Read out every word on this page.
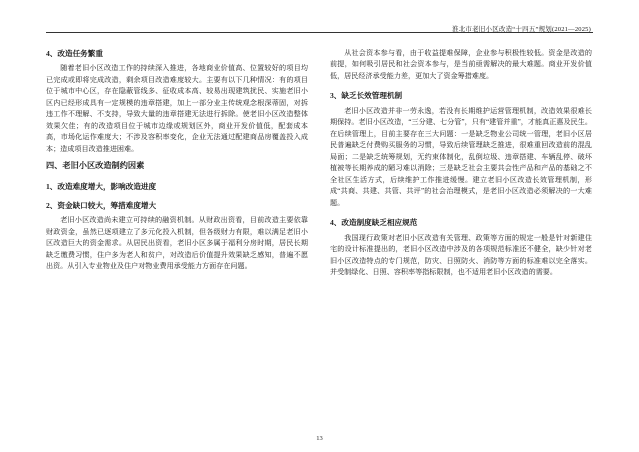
淮北市老旧小区改造“十四五”规划(2021—2025)
4、改造任务繁重

随着老旧小区改造工作的持续深入推进，各地商业价值高、位置较好的项目均已完成或即将完成改造，剩余项目改造难度较大。主要有以下几种情况：有的项目位于城市中心区，存在隐蔽管线多、征收成本高、较易出现建筑扰民、实施老旧小区内已经形成具有一定规模的违章搭建，加上一部分业主传统观念根深蒂固，对拆违工作不理解、不支持，导致大量的违章搭建无法进行拆除。使老旧小区改造整体效果欠佳；有的改造项目位于城市边缘或规划区外，商业开发价值低，配套成本高，市场化运作难度大；不涉及容积率变化，企业无法通过配建商品房覆盖投入成本；造成项目改造推进困难。

四、老旧小区改造制约因素
1、改造难度增大，影响改造进度
2、资金缺口较大，筹措难度增大

老旧小区改造尚未建立可持续的融资机制。从财政出资看，目前改造主要依靠财政资金，虽然已逐项建立了多元化投入机制，但各级财力有限，难以满足老旧小区改造巨大的资金需求。从居民出资看，老旧小区多属于福利分房时期，居民长期缺乏缴费习惯，住户多为老人和贫户，对改造后价值提升效果缺乏感知，普遍不愿出资。从引入专业物业及住户对物业费用承受能力方面存在问题。

从社会资本参与看，由于收益提难保障，企业参与积极性较低。资金是改造的前提，如何吸引居民和社会资本参与，是当前亟需解决的最大难题。商业开发价值低，居民经济承受能力差，更加大了资金筹措难度。

3、缺乏长效管理机制

老旧小区改造并非一劳永逸，若没有长期维护运营管理机制，改造效果很难长期保持。老旧小区改造，“三分建、七分管”，只有“建管并重”，才能真正惠及民生。在后续管理上，目前主要存在三大问题：一是缺乏物业公司统一管理，老旧小区居民普遍缺乏付费购买服务的习惯，导致后续管理缺乏推进，很难重回改造前的混乱局面；二是缺乏统筹规划，无约束体制化，乱倒垃圾、违章搭建、车辆乱停、破坏植被等长期养成的陋习难以消除；三是缺乏社会主要共会性产品和产品的基础之不全社区生活方式，后续维护工作推进缓慢。建立老旧小区改造长效管理机制，形成“共商、共建、共管、共评”的社会治理模式，是老旧小区改造必须解决的一大难题。

4、改造制度缺乏相应规范

我国现行政策对老旧小区改造有关管理、政策等方面的规定一般是针对新建住宅的设计标准提出的，老旧小区改造中涉及的各项规范标准还不健全，缺少针对老旧小区改造特点的专门规范，防灾、日照防火、消防等方面的标准难以完全落实。并受制绿化、日照、容积率等指标限制，也不适用老旧小区改造的需要。

13
